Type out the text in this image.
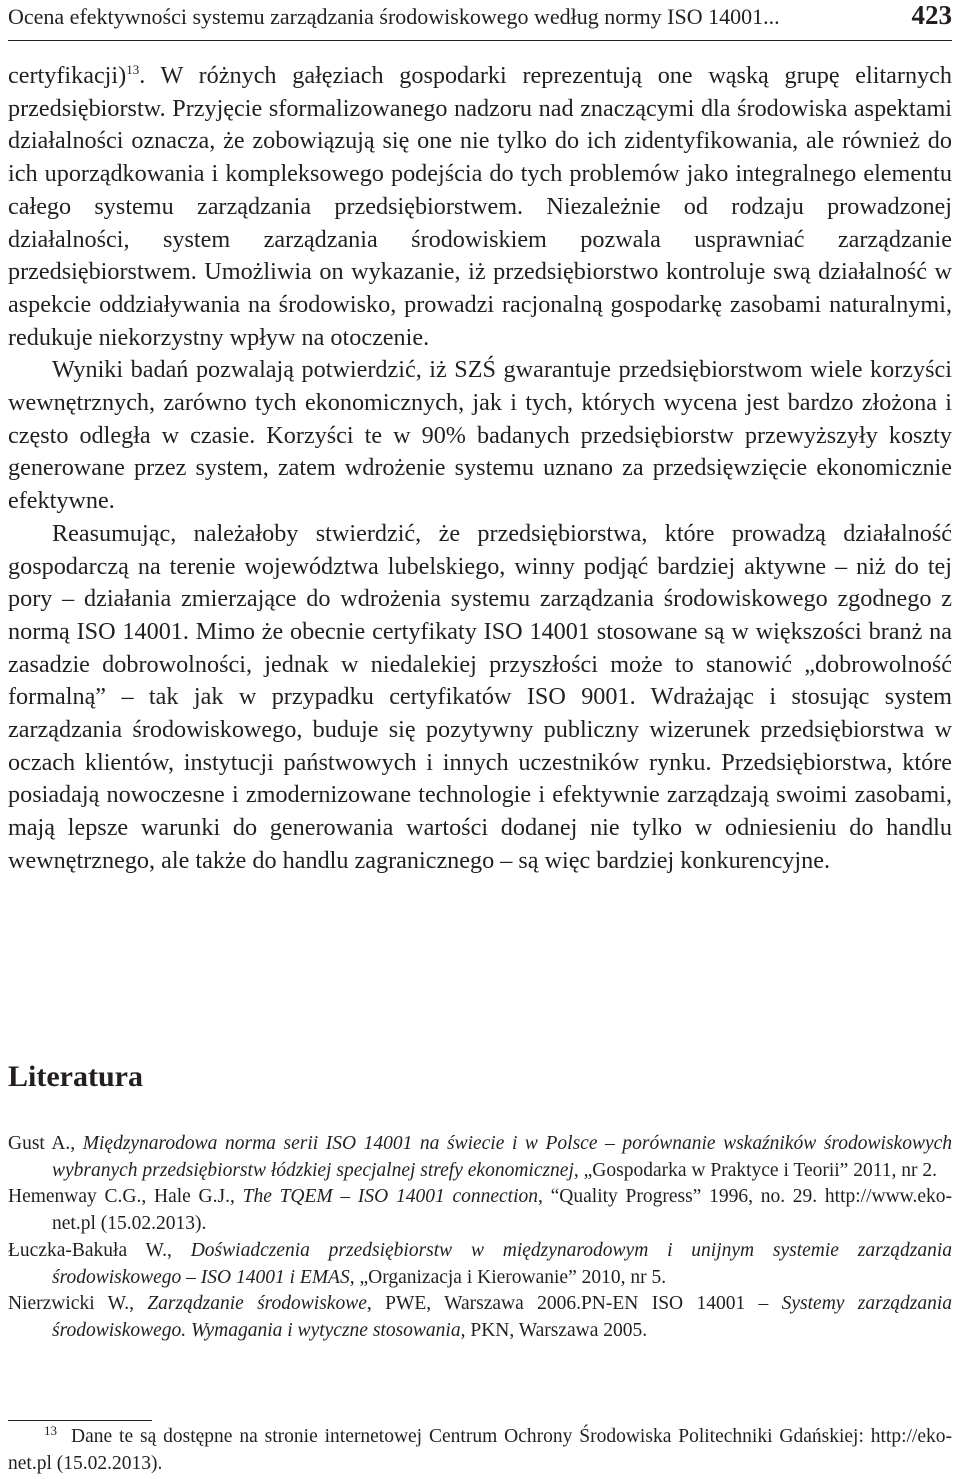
Ocena efektywności systemu zarządzania środowiskowego według normy ISO 14001...	423

certyfikacji)$^{13}$. W różnych gałęziach gospodarki reprezentują one wąską grupę elitarnych przedsiębiorstw. Przyjęcie sformalizowanego nadzoru nad znaczącymi dla środowiska aspektami działalności oznacza, że zobowiązują się one nie tylko do ich zidentyfikowania, ale również do ich uporządkowania i kompleksowego podejścia do tych problemów jako integralnego elementu całego systemu zarządzania przedsiębiorstwem. Niezależnie od rodzaju prowadzonej działalności, system zarządzania środowiskiem pozwala usprawniać zarządzanie przedsiębiorstwem. Umożliwia on wykazanie, iż przedsiębiorstwo kontroluje swą działalność w aspekcie oddziaływania na środowisko, prowadzi racjonalną gospodarkę zasobami naturalnymi, redukuje niekorzystny wpływ na otoczenie.

Wyniki badań pozwalają potwierdzić, iż SZŚ gwarantuje przedsiębiorstwom wiele korzyści wewnętrznych, zarówno tych ekonomicznych, jak i tych, których wycena jest bardzo złożona i często odległa w czasie. Korzyści te w 90% badanych przedsiębiorstw przewyższyły koszty generowane przez system, zatem wdrożenie systemu uznano za przedsięwzięcie ekonomicznie efektywne.

Reasumując, należałoby stwierdzić, że przedsiębiorstwa, które prowadzą działalność gospodarczą na terenie województwa lubelskiego, winny podjąć bardziej aktywne – niż do tej pory – działania zmierzające do wdrożenia systemu zarządzania środowiskowego zgodnego z normą ISO 14001. Mimo że obecnie certyfikaty ISO 14001 stosowane są w większości branż na zasadzie dobrowolności, jednak w niedalekiej przyszłości może to stanowić „dobrowolność formalną” – tak jak w przypadku certyfikatów ISO 9001. Wdrażając i stosując system zarządzania środowiskowego, buduje się pozytywny publiczny wizerunek przedsiębiorstwa w oczach klientów, instytucji państwowych i innych uczestników rynku. Przedsiębiorstwa, które posiadają nowoczesne i zmodernizowane technologie i efektywnie zarządzają swoimi zasobami, mają lepsze warunki do generowania wartości dodanej nie tylko w odniesieniu do handlu wewnętrznego, ale także do handlu zagranicznego – są więc bardziej konkurencyjne.

Literatura

Gust A., Międzynarodowa norma serii ISO 14001 na świecie i w Polsce – porównanie wskaźników środowiskowych wybranych przedsiębiorstw łódzkiej specjalnej strefy ekonomicznej, „Gospodarka w Praktyce i Teorii” 2011, nr 2.

Hemenway C.G., Hale G.J., The TQEM – ISO 14001 connection, “Quality Progress” 1996, no. 29. http://www.eko-net.pl (15.02.2013).

Łuczka-Bakuła W., Doświadczenia przedsiębiorstw w międzynarodowym i unijnym systemie zarządzania środowiskowego – ISO 14001 i EMAS, „Organizacja i Kierowanie” 2010, nr 5.

Nierzwicki W., Zarządzanie środowiskowe, PWE, Warszawa 2006.PN-EN ISO 14001 – Systemy zarządzania środowiskowego. Wymagania i wytyczne stosowania, PKN, Warszawa 2005.

$^{13}$ Dane te są dostępne na stronie internetowej Centrum Ochrony Środowiska Politechniki Gdańskiej: http://eko-net.pl (15.02.2013).
